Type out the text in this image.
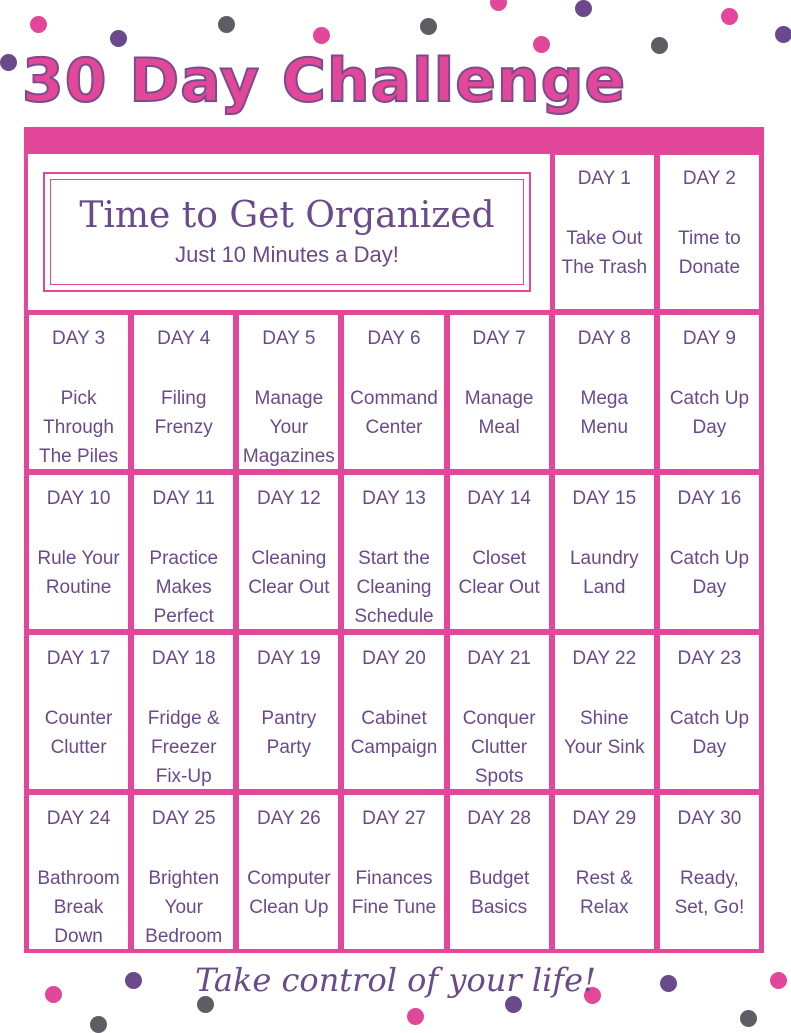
30 Day Challenge
Time to Get Organized
Just 10 Minutes a Day!
DAY 1
Take Out
The Trash
DAY 2
Time to
Donate
DAY 3
Pick
Through
The Piles
DAY 4
Filing
Frenzy
DAY 5
Manage
Your
Magazines
DAY 6
Command
Center
DAY 7
Manage
Meal
DAY 8
Mega
Menu
DAY 9
Catch Up
Day
DAY 10
Rule Your
Routine
DAY 11
Practice
Makes
Perfect
DAY 12
Cleaning
Clear Out
DAY 13
Start the
Cleaning
Schedule
DAY 14
Closet
Clear Out
DAY 15
Laundry
Land
DAY 16
Catch Up
Day
DAY 17
Counter
Clutter
DAY 18
Fridge &
Freezer
Fix-Up
DAY 19
Pantry
Party
DAY 20
Cabinet
Campaign
DAY 21
Conquer
Clutter
Spots
DAY 22
Shine
Your Sink
DAY 23
Catch Up
Day
DAY 24
Bathroom
Break
Down
DAY 25
Brighten
Your
Bedroom
DAY 26
Computer
Clean Up
DAY 27
Finances
Fine Tune
DAY 28
Budget
Basics
DAY 29
Rest &
Relax
DAY 30
Ready,
Set, Go!
Take control of your life!
